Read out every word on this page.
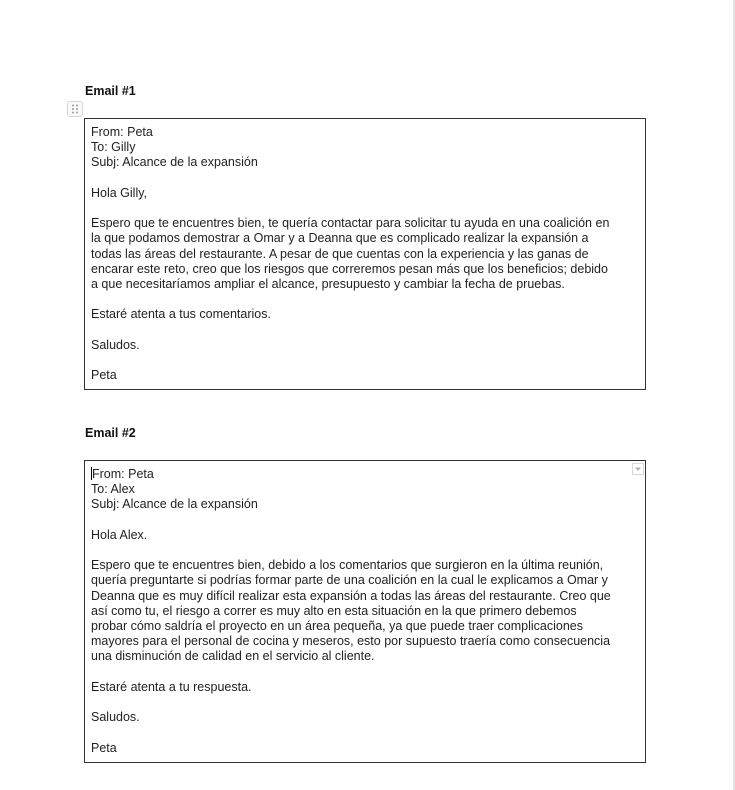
Email #1

From: Peta

To: Gilly

Subj: Alcance de la expansión

Hola Gilly,

Espero que te encuentres bien, te quería contactar para solicitar tu ayuda en una coalición en

la que podamos demostrar a Omar y a Deanna que es complicado realizar la expansión a

todas las áreas del restaurante. A pesar de que cuentas con la experiencia y las ganas de

encarar este reto, creo que los riesgos que correremos pesan más que los beneficios; debido

a que necesitaríamos ampliar el alcance, presupuesto y cambiar la fecha de pruebas.

Estaré atenta a tus comentarios.

Saludos.

Peta

Email #2

From: Peta

To: Alex

Subj: Alcance de la expansión

Hola Alex.

Espero que te encuentres bien, debido a los comentarios que surgieron en la última reunión,

quería preguntarte si podrías formar parte de una coalición en la cual le explicamos a Omar y

Deanna que es muy difícil realizar esta expansión a todas las áreas del restaurante. Creo que

así como tu, el riesgo a correr es muy alto en esta situación en la que primero debemos

probar cómo saldría el proyecto en un área pequeña, ya que puede traer complicaciones

mayores para el personal de cocina y meseros, esto por supuesto traería como consecuencia

una disminución de calidad en el servicio al cliente.

Estaré atenta a tu respuesta.

Saludos.

Peta
